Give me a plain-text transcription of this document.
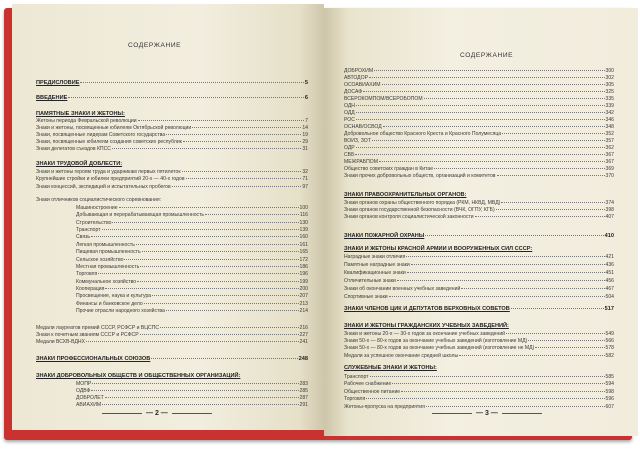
СОДЕРЖАНИЕ
ПРЕДИСЛОВИЕ	5
ВВЕДЕНИЕ	6
ПАМЯТНЫЕ ЗНАКИ И ЖЕТОНЫ:
Жетоны периода Февральской революции	7
Знаки и жетоны, посвященные юбилеям Октябрьской революции	14
Знаки, посвященные лидерам Советского государства	19
Знаки, посвященные юбилеям создания советских республик	29
Знаки делегатов съездов КПСС	31
ЗНАКИ ТРУДОВОЙ ДОБЛЕСТИ:
Знаки и жетоны героям труда и ударникам первых пятилеток	32
Крупнейшие стройки и юбилеи предприятий 20-х — 40-х годов	71
Знаки концессий, экспедиций и испытательных пробегов	97
Знаки отличников социалистического соревнования:
Машиностроение	100
Добывающая и перерабатывающая промышленность	116
Строительство	130
Транспорт	139
Связь	160
Легкая промышленность	161
Пищевая промышленность	165
Сельское хозяйство	172
Местная промышленность	186
Торговля	196
Коммунальное хозяйство	199
Кооперация	200
Просвещение, наука и культура	207
Финансы и банковское дело	213
Прочие отрасли народного хозяйства	214
Медали лауреатов премий СССР, РСФСР и ВЦСПС	216
Знаки к почетным званиям СССР и РСФСР	227
Медали ВСХВ-ВДНХ	241
ЗНАКИ ПРОФЕССИОНАЛЬНЫХ СОЮЗОВ	248
ЗНАКИ ДОБРОВОЛЬНЫХ ОБЩЕСТВ И ОБЩЕСТВЕННЫХ ОРГАНИЗАЦИЙ:
МОПР	283
ОДВФ	285
ДОБРОЛЕТ	287
АВИАХИМ	291
— 2 —
СОДЕРЖАНИЕ
ДОБРОХИМ	300
АВТОДОР	302
ОСОАВИАХИМ	305
ДОСАФ	325
ВСЕРОКОМПОМ/ВСЕРОБОПОМ	335
ОДН	339
ОДД	342
РОС	346
ОСНАВ/ОСВОД	348
Добровольное общество Красного Креста и Красного Полумесяца	352
ВОИЗ, ЗОТ	357
ОДР	362
СВБ	367
МЕЖРАБПОМ	367
Общество советских граждан в Китае	369
Знаки прочих добровольных обществ, организаций и комитетов	370
ЗНАКИ ПРАВООХРАНИТЕЛЬНЫХ ОРГАНОВ:
Знаки органов охраны общественного порядка (РКМ, НКВД, МВД)	374
Знаки органов государственной безопасности (ВЧК, ОГПУ, КГБ)	398
Знаки органов контроля социалистической законности	407
ЗНАКИ ПОЖАРНОЙ ОХРАНЫ	410
ЗНАКИ И ЖЕТОНЫ КРАСНОЙ АРМИИ И ВООРУЖЕННЫХ СИЛ СССР:
Наградные знаки отличия	421
Памятные наградные знаки	436
Квалификационные знаки	451
Отличительные знаки	456
Знаки об окончании военных учебных заведений	467
Спортивные знаки	504
ЗНАКИ ЧЛЕНОВ ЦИК И ДЕПУТАТОВ ВЕРХОВНЫХ СОВЕТОВ	517
ЗНАКИ И ЖЕТОНЫ ГРАЖДАНСКИХ УЧЕБНЫХ ЗАВЕДЕНИЙ:
Знаки и жетоны 20-х — 30-х годов за окончание учебных заведений	549
Знаки 50-х — 80-х годов за окончание учебных заведений (изготовление МД)	566
Знаки 50-х — 80-х годов за окончание учебных заведений (изготовление не МД)	578
Медали за успешное окончание средней школы	582
СЛУЖЕБНЫЕ ЗНАКИ И ЖЕТОНЫ:
Транспорт	585
Рабочее снабжение	594
Общественное питание	598
Торговля	596
Жетоны-пропуска на предприятия	607
— 3 —
